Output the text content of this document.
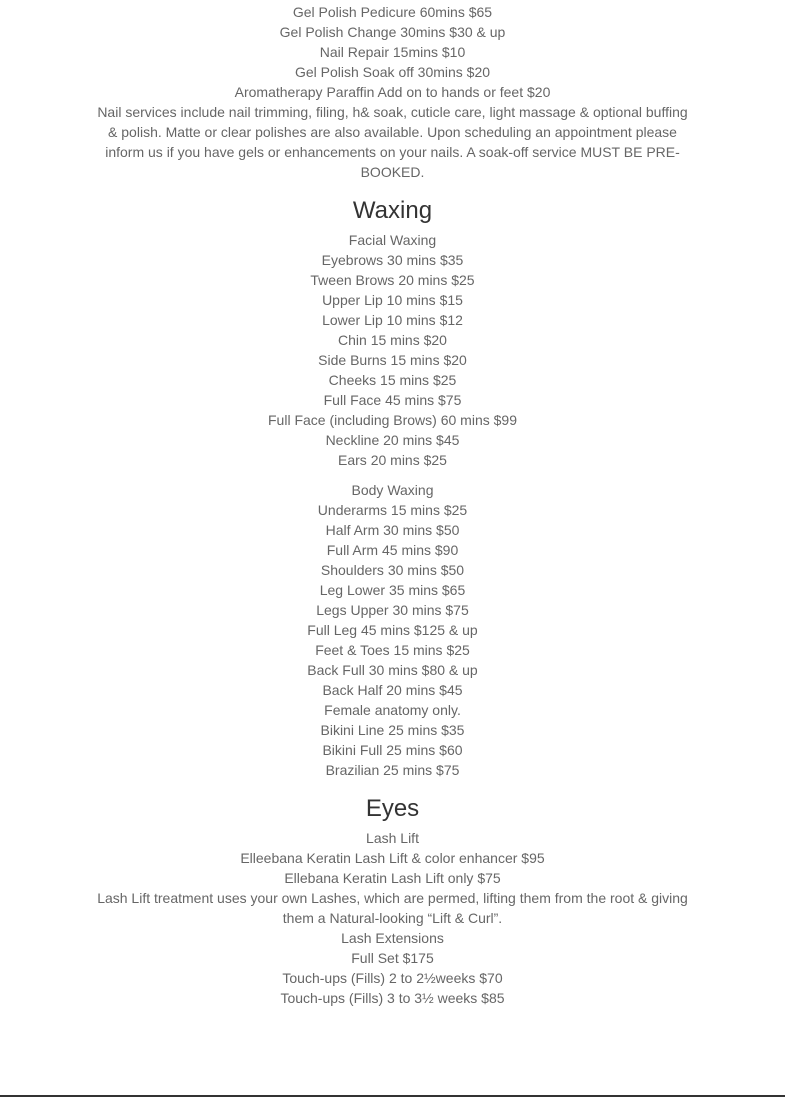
Gel Polish Pedicure 60mins $65

Gel Polish Change 30mins $30 & up

Nail Repair 15mins $10

Gel Polish Soak off 30mins $20

Aromatherapy Paraffin Add on to hands or feet $20

Nail services include nail trimming, filing, h& soak, cuticle care, light massage & optional buffing & polish. Matte or clear polishes are also available. Upon scheduling an appointment please inform us if you have gels or enhancements on your nails. A soak-off service MUST BE PRE-BOOKED.

Waxing

Facial Waxing

Eyebrows 30 mins $35

Tween Brows 20 mins $25

Upper Lip 10 mins $15

Lower Lip 10 mins $12

Chin 15 mins $20

Side Burns 15 mins $20

Cheeks 15 mins $25

Full Face 45 mins $75

Full Face (including Brows) 60 mins $99

Neckline 20 mins $45

Ears 20 mins $25

Body Waxing

Underarms 15 mins $25

Half Arm 30 mins $50

Full Arm 45 mins $90

Shoulders 30 mins $50

Leg Lower 35 mins $65

Legs Upper 30 mins $75

Full Leg 45 mins $125 & up

Feet & Toes 15 mins $25

Back Full 30 mins $80 & up

Back Half 20 mins $45

Female anatomy only.

Bikini Line 25 mins $35

Bikini Full 25 mins $60

Brazilian 25 mins $75

Eyes

Lash Lift

Elleebana Keratin Lash Lift & color enhancer $95

Ellebana Keratin Lash Lift only $75

Lash Lift treatment uses your own Lashes, which are permed, lifting them from the root & giving them a Natural-looking “Lift & Curl”.

Lash Extensions

Full Set $175

Touch-ups (Fills) 2 to 2½weeks $70

Touch-ups (Fills) 3 to 3½ weeks $85
